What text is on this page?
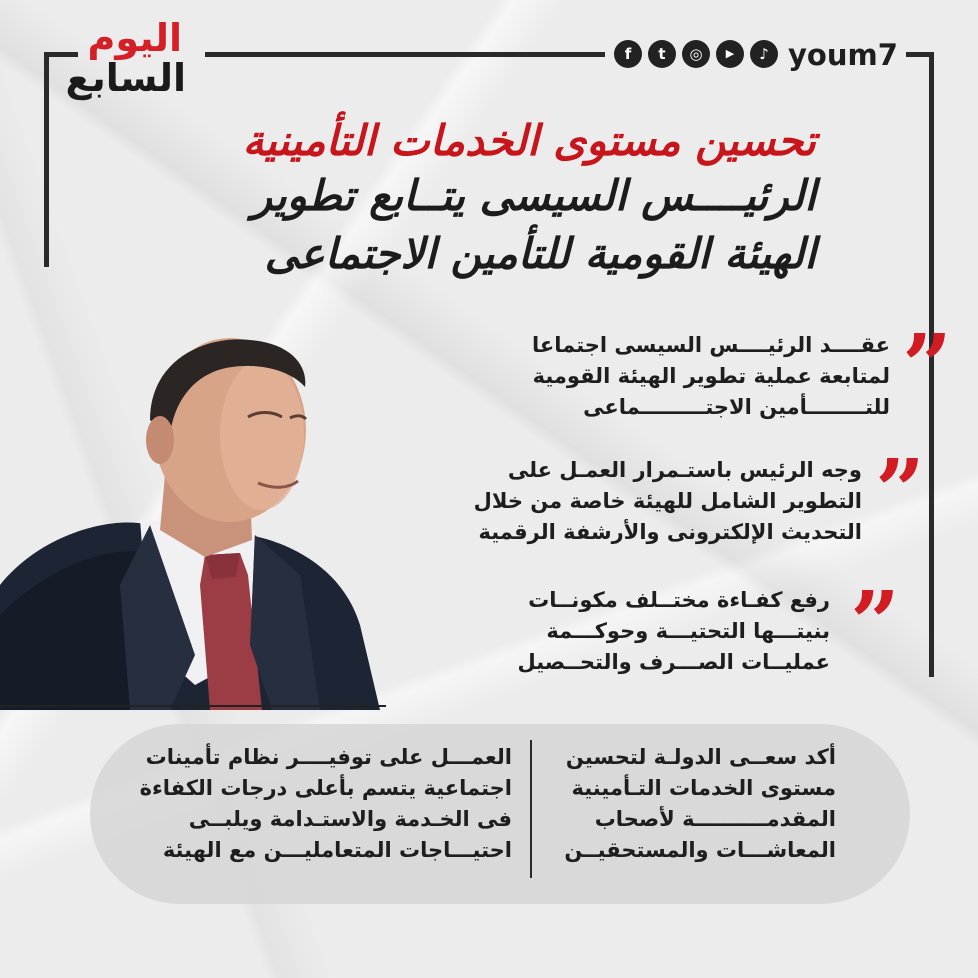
اليوم
السابع
f	t	◎	▶	♪ youm7
تحسين مستوى الخدمات التأمينية
الرئيــــس السيسى يتــابع تطوير
الهيئة القومية للتأمين الاجتماعى
”

عقــــد الرئيــــس السيسى اجتماعا

لمتابعة عملية تطوير الهيئة القومية

للتــــــــأمين الاجتـــــــــماعى

”

وجه الرئيس باستـمرار العمـل على

التطوير الشامل للهيئة خاصة من خلال

التحديث الإلكترونى والأرشفة الرقمية

”

رفع كفـاءة مختــلف مكونــات

بنيتـــها التحتيـــة وحوكـــمة

عمليــات الصـــرف والتحــصيل

أكد سعــى الدولـة لتحسين
مستوى الخدمات التـأمينية
المقدمــــــــــة لأصحاب
المعاشـــات والمستحقيــن
العمـــل على توفيــــر نظام تأمينات
اجتماعية يتسم بأعلى درجات الكفاءة
فى الخـدمة والاستـدامة ويلبــى
احتيـــاجات المتعامليـــن مع الهيئة
